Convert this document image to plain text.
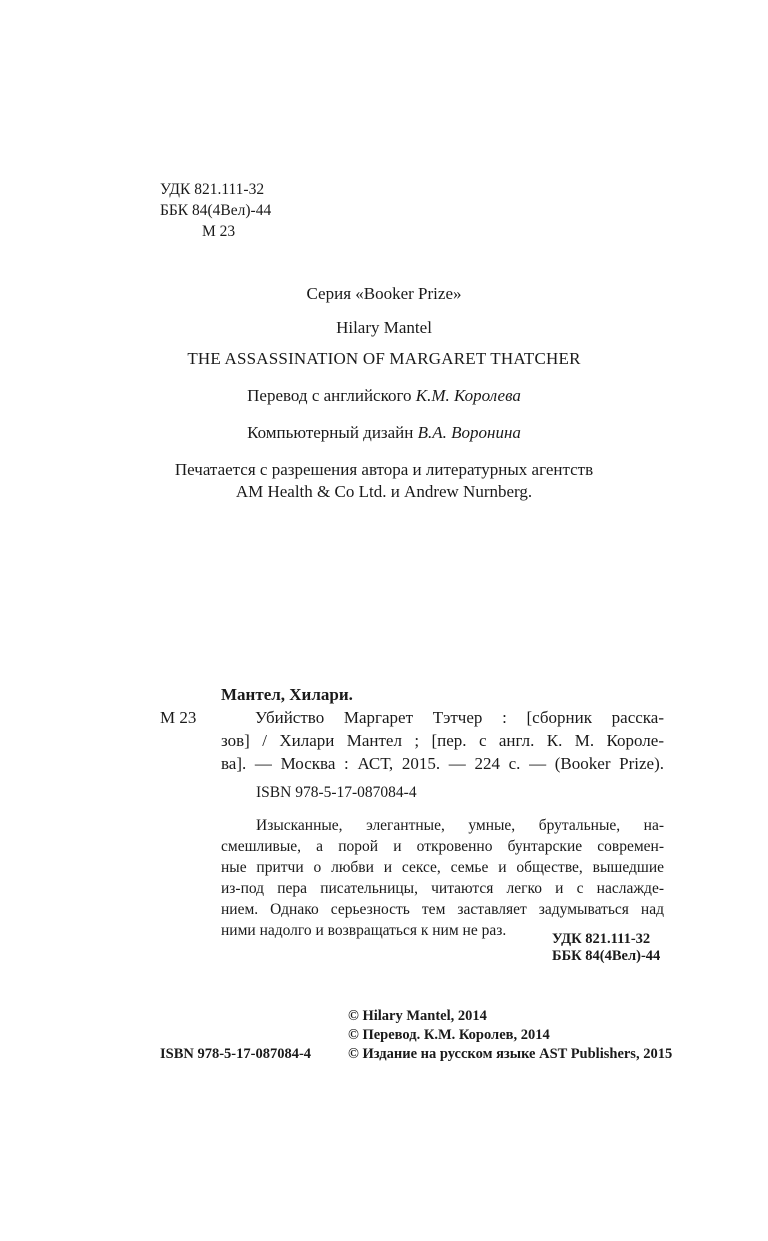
УДК 821.111-32
ББК 84(4Вел)-44
М 23
Серия «Booker Prize»
Hilary Mantel
THE ASSASSINATION OF MARGARET THATCHER
Перевод с английского К.М. Королева
Компьютерный дизайн В.А. Воронина
Печатается с разрешения автора и литературных агентств
AM Health & Co Ltd. и Andrew Nurnberg.
Мантел, Хилари.
М 23	Убийство Маргарет Тэтчер : [сборник расска-
зов] / Хилари Мантел ; [пер. с англ. К. М. Короле-
ва]. — Москва : АСТ, 2015. — 224 с. — (Booker Prize).
ISBN 978-5-17-087084-4
Изысканные, элегантные, умные, брутальные, на-
смешливые, а порой и откровенно бунтарские современ-
ные притчи о любви и сексе, семье и обществе, вышедшие
из-под пера писательницы, читаются легко и с наслажде-
нием. Однако серьезность тем заставляет задумываться над
ними надолго и возвращаться к ним не раз.	УДК 821.111-32
ББК 84(4Вел)-44
ISBN 978-5-17-087084-4
© Hilary Mantel, 2014
© Перевод. К.М. Королев, 2014
© Издание на русском языке AST Publishers, 2015
